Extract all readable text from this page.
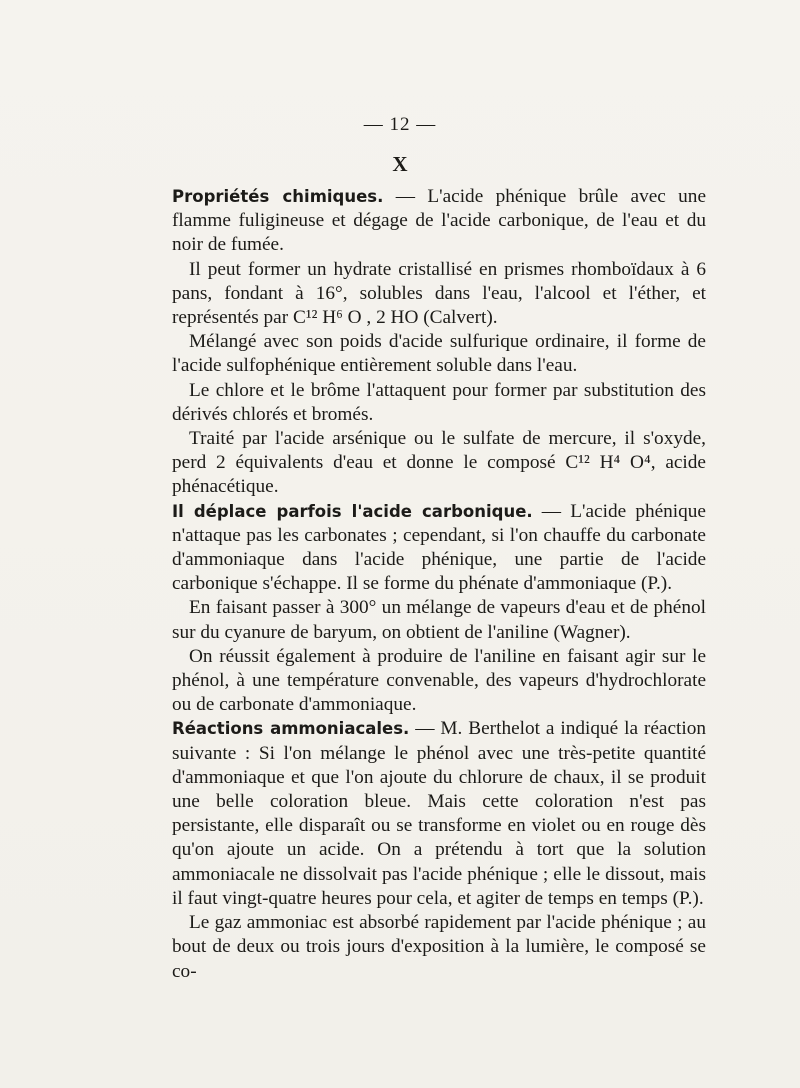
— 12 —
X

Propriétés chimiques. — L'acide phénique brûle avec une flamme fuligineuse et dégage de l'acide carbonique, de l'eau et du noir de fumée.

Il peut former un hydrate cristallisé en prismes rhomboïdaux à 6 pans, fondant à 16°, solubles dans l'eau, l'alcool et l'éther, et représentés par C¹² H⁶ O , 2 HO (Calvert).

Mélangé avec son poids d'acide sulfurique ordinaire, il forme de l'acide sulfophénique entièrement soluble dans l'eau.

Le chlore et le brôme l'attaquent pour former par substitution des dérivés chlorés et bromés.

Traité par l'acide arsénique ou le sulfate de mercure, il s'oxyde, perd 2 équivalents d'eau et donne le composé C¹² H⁴ O⁴, acide phénacétique.

Il déplace parfois l'acide carbonique. — L'acide phénique n'attaque pas les carbonates ; cependant, si l'on chauffe du carbonate d'ammoniaque dans l'acide phénique, une partie de l'acide carbonique s'échappe. Il se forme du phénate d'ammoniaque (P.).

En faisant passer à 300° un mélange de vapeurs d'eau et de phénol sur du cyanure de baryum, on obtient de l'aniline (Wagner).

On réussit également à produire de l'aniline en faisant agir sur le phénol, à une température convenable, des vapeurs d'hydrochlorate ou de carbonate d'ammoniaque.

Réactions ammoniacales. — M. Berthelot a indiqué la réaction suivante : Si l'on mélange le phénol avec une très-petite quantité d'ammoniaque et que l'on ajoute du chlorure de chaux, il se produit une belle coloration bleue. Mais cette coloration n'est pas persistante, elle disparaît ou se transforme en violet ou en rouge dès qu'on ajoute un acide. On a prétendu à tort que la solution ammoniacale ne dissolvait pas l'acide phénique ; elle le dissout, mais il faut vingt-quatre heures pour cela, et agiter de temps en temps (P.).

Le gaz ammoniac est absorbé rapidement par l'acide phénique ; au bout de deux ou trois jours d'exposition à la lumière, le composé se co-
